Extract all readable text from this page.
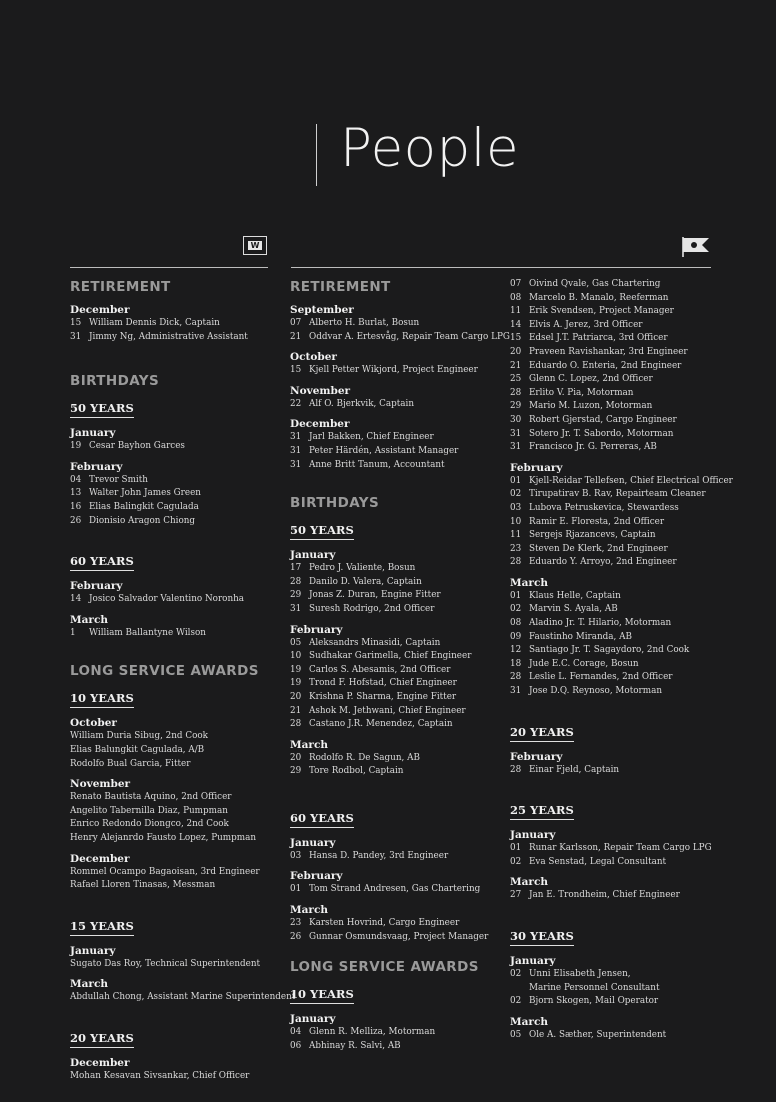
People
W
RETIREMENT
December
15 William Dennis Dick, Captain
31 Jimmy Ng, Administrative Assistant
BIRTHDAYS
50 YEARS
January
19 Cesar Bayhon Garces
February
04 Trevor Smith
13 Walter John James Green
16 Elias Balingkit Cagulada
26 Dionisio Aragon Chiong
60 YEARS
February
14 Josico Salvador Valentino Noronha
March
1	William Ballantyne Wilson
LONG SERVICE AWARDS
10 YEARS
October
William Duria Sibug, 2nd Cook
Elias Balungkit Cagulada, A/B
Rodolfo Bual Garcia, Fitter
November
Renato Bautista Aquino, 2nd Officer
Angelito Tabernilla Diaz, Pumpman
Enrico Redondo Diongco, 2nd Cook
Henry Alejanrdo Fausto Lopez, Pumpman
December
Rommel Ocampo Bagaoisan, 3rd Engineer
Rafael Lloren Tinasas, Messman
15 YEARS
January
Sugato Das Roy, Technical Superintendent
March
Abdullah Chong, Assistant Marine Superintendent
20 YEARS
December
Mohan Kesavan Sivsankar, Chief Officer
RETIREMENT
September
07 Alberto H. Burlat, Bosun
21 Oddvar A. Ertesvåg, Repair Team Cargo LPG
October
15 Kjell Petter Wikjord, Project Engineer
November
22 Alf O. Bjerkvik, Captain
December
31 Jarl Bakken, Chief Engineer
31 Peter Härdén, Assistant Manager
31 Anne Britt Tanum, Accountant
BIRTHDAYS
50 YEARS
January
17 Pedro J. Valiente, Bosun
28 Danilo D. Valera, Captain
29 Jonas Z. Duran, Engine Fitter
31 Suresh Rodrigo, 2nd Officer
February
05 Aleksandrs Minasidi, Captain
10 Sudhakar Garimella, Chief Engineer
19 Carlos S. Abesamis, 2nd Officer
19 Trond F. Hofstad, Chief Engineer
20 Krishna P. Sharma, Engine Fitter
21 Ashok M. Jethwani, Chief Engineer
28 Castano J.R. Menendez, Captain
March
20 Rodolfo R. De Sagun, AB
29 Tore Rodbol, Captain
60 YEARS
January
03 Hansa D. Pandey, 3rd Engineer
February
01 Tom Strand Andresen, Gas Chartering
March
23 Karsten Hovrind, Cargo Engineer
26 Gunnar Osmundsvaag, Project Manager
LONG SERVICE AWARDS
10 YEARS
January
04 Glenn R. Melliza, Motorman
06 Abhinay R. Salvi, AB
07 Oivind Qvale, Gas Chartering
08 Marcelo B. Manalo, Reeferman
11 Erik Svendsen, Project Manager
14 Elvis A. Jerez, 3rd Officer
15 Edsel J.T. Patriarca, 3rd Officer
20 Praveen Ravishankar, 3rd Engineer
21 Eduardo O. Enteria, 2nd Engineer
25 Glenn C. Lopez, 2nd Officer
28 Erlito V. Pia, Motorman
29 Mario M. Luzon, Motorman
30 Robert Gjerstad, Cargo Engineer
31 Sotero Jr. T. Sabordo, Motorman
31 Francisco Jr. G. Perreras, AB
February
01 Kjell-Reidar Tellefsen, Chief Electrical Officer
02 Tirupatirav B. Rav, Repairteam Cleaner
03 Lubova Petruskevica, Stewardess
10 Ramir E. Floresta, 2nd Officer
11 Sergejs Rjazancevs, Captain
23 Steven De Klerk, 2nd Engineer
28 Eduardo Y. Arroyo, 2nd Engineer
March
01 Klaus Helle, Captain
02 Marvin S. Ayala, AB
08 Aladino Jr. T. Hilario, Motorman
09 Faustinho Miranda, AB
12 Santiago Jr. T. Sagaydoro, 2nd Cook
18 Jude E.C. Corage, Bosun
28 Leslie L. Fernandes, 2nd Officer
31 Jose D.Q. Reynoso, Motorman
20 YEARS
February
28 Einar Fjeld, Captain
25 YEARS
January
01 Runar Karlsson, Repair Team Cargo LPG
02 Eva Senstad, Legal Consultant
March
27 Jan E. Trondheim, Chief Engineer
30 YEARS
January
02 Unni Elisabeth Jensen,
Marine Personnel Consultant
02 Bjorn Skogen, Mail Operator
March
05 Ole A. Sæther, Superintendent
